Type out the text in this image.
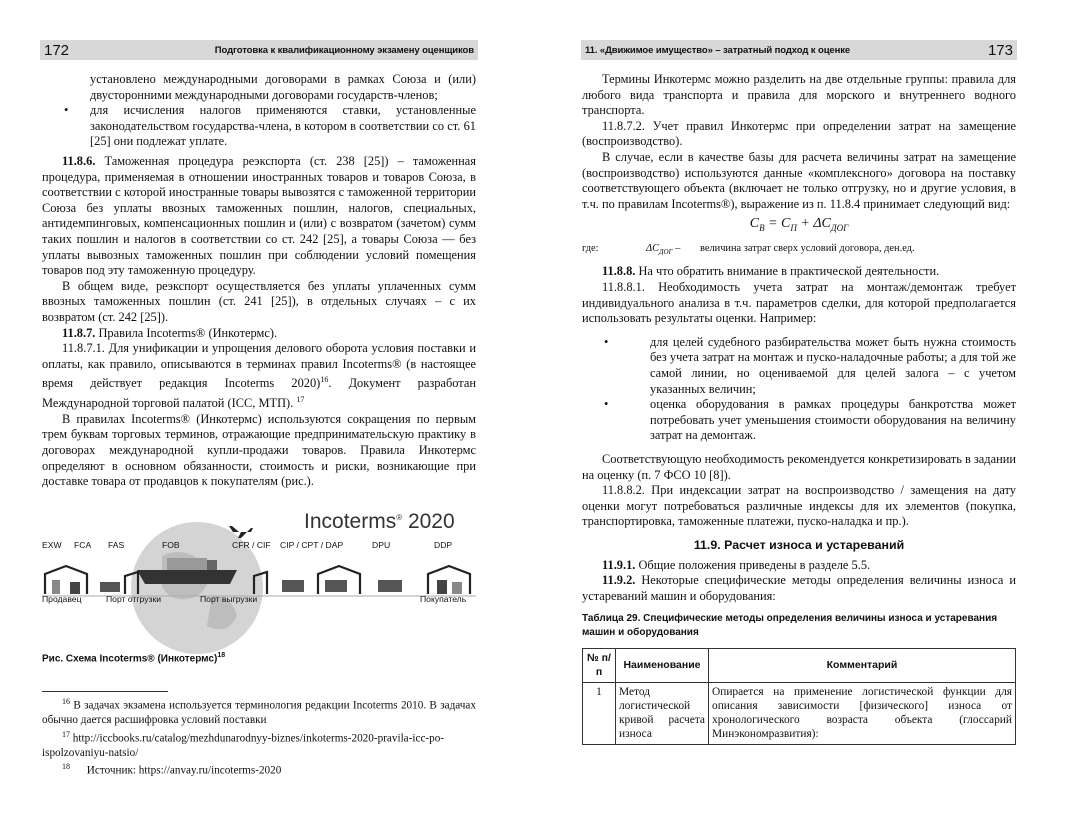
172	Подготовка к квалификационному экзамену оценщиков

установлено международными договорами в рамках Союза и (или) двусторонними международными договорами государств-членов;

•	для исчисления налогов применяются ставки, установленные законодательством государства-члена, в котором в соответствии со ст. 61 [25] они подлежат уплате.

11.8.6. Таможенная процедура реэкспорта (ст. 238 [25]) – таможенная процедура, применяемая в отношении иностранных товаров и товаров Союза, в соответствии с которой иностранные товары вывозятся с таможенной территории Союза без уплаты ввозных таможенных пошлин, налогов, специальных, антидемпинговых, компенсационных пошлин и (или) с возвратом (зачетом) сумм таких пошлин и налогов в соответствии со ст. 242 [25], а товары Союза — без уплаты вывозных таможенных пошлин при соблюдении условий помещения товаров под эту таможенную процедуру.

В общем виде, реэкспорт осуществляется без уплаты уплаченных сумм ввозных таможенных пошлин (ст. 241 [25]), в отдельных случаях – с их возвратом (ст. 242 [25]).

11.8.7. Правила Incoterms® (Инкотермс).

11.8.7.1. Для унификации и упрощения делового оборота условия поставки и оплаты, как правило, описываются в терминах правил Incoterms® (в настоящее время действует редакция Incoterms 2020)$^{16}$. Документ разработан Международной торговой палатой (ICC, МТП). $^{17}$

В правилах Incoterms® (Инкотермс) используются сокращения по первым трем буквам торговых терминов, отражающие предпринимательскую практику в договорах международной купли-продажи товаров. Правила Инкотермс определяют в основном обязанности, стоимость и риски, возникающие при доставке товара от продавцов к покупателям (рис.).

Incoterms® 2020
EXW FCA FAS	FOB	CFR / CIF CIP / CPT / DAP	DPU	DDP
Продавец	Порт отгрузки	Порт выгрузки	Покупатель
Рис. Схема Incoterms® (Инкотермс)$^{18}$

$^{16}$ В задачах экзамена используется терминология редакции Incoterms 2010. В задачах обычно дается расшифровка условий поставки

$^{17}$ http://iccbooks.ru/catalog/mezhdunarodnyy-biznes/inkoterms-2020-pravila-icc-po-ispolzovaniyu-natsio/

$^{18}$   Источник: https://anvay.ru/incoterms-2020

11. «Движимое имущество» – затратный подход к оценке	173

Термины Инкотермс можно разделить на две отдельные группы: правила для любого вида транспорта и правила для морского и внутреннего водного транспорта.

11.8.7.2. Учет правил Инкотермс при определении затрат на замещение (воспроизводство).

В случае, если в качестве базы для расчета величины затрат на замещение (воспроизводство) используются данные «комплексного» договора на поставку соответствующего объекта (включает не только отгрузку, но и другие условия, в т.ч. по правилам Incoterms®), выражение из п. 11.8.4 принимает следующий вид:

$C_В = C_П + \Delta C_{ДОГ}$
где:	$\Delta C_{ДОГ}$ –	величина затрат сверх условий договора, ден.ед.

11.8.8. На что обратить внимание в практической деятельности.

11.8.8.1. Необходимость учета затрат на монтаж/демонтаж требует индивидуального анализа в т.ч. параметров сделки, для которой предполагается использовать результаты оценки. Например:

•	для целей судебного разбирательства может быть нужна стоимость без учета затрат на монтаж и пуско-наладочные работы; а для той же самой линии, но оцениваемой для целей залога – с учетом указанных величин;
•	оценка оборудования в рамках процедуры банкротства может потребовать учет уменьшения стоимости оборудования на величину затрат на демонтаж.

Соответствующую необходимость рекомендуется конкретизировать в задании на оценку (п. 7 ФСО 10 [8]).

11.8.8.2. При индексации затрат на воспроизводство / замещения на дату оценки могут потребоваться различные индексы для их элементов (покупка, транспортировка, таможенные платежи, пуско-наладка и пр.).

11.9. Расчет износа и устареваний

11.9.1. Общие положения приведены в разделе 5.5.

11.9.2. Некоторые специфические методы определения величины износа и устареваний машин и оборудования:

Таблица 29. Специфические методы определения величины износа и устаревания машин и оборудования
№ п/п	Наименование	Комментарий
1	Метод логистической кривой расчета износа	Опирается на применение логистической функции для описания зависимости [физического] износа от хронологического возраста объекта (глоссарий Минэкономразвития):
